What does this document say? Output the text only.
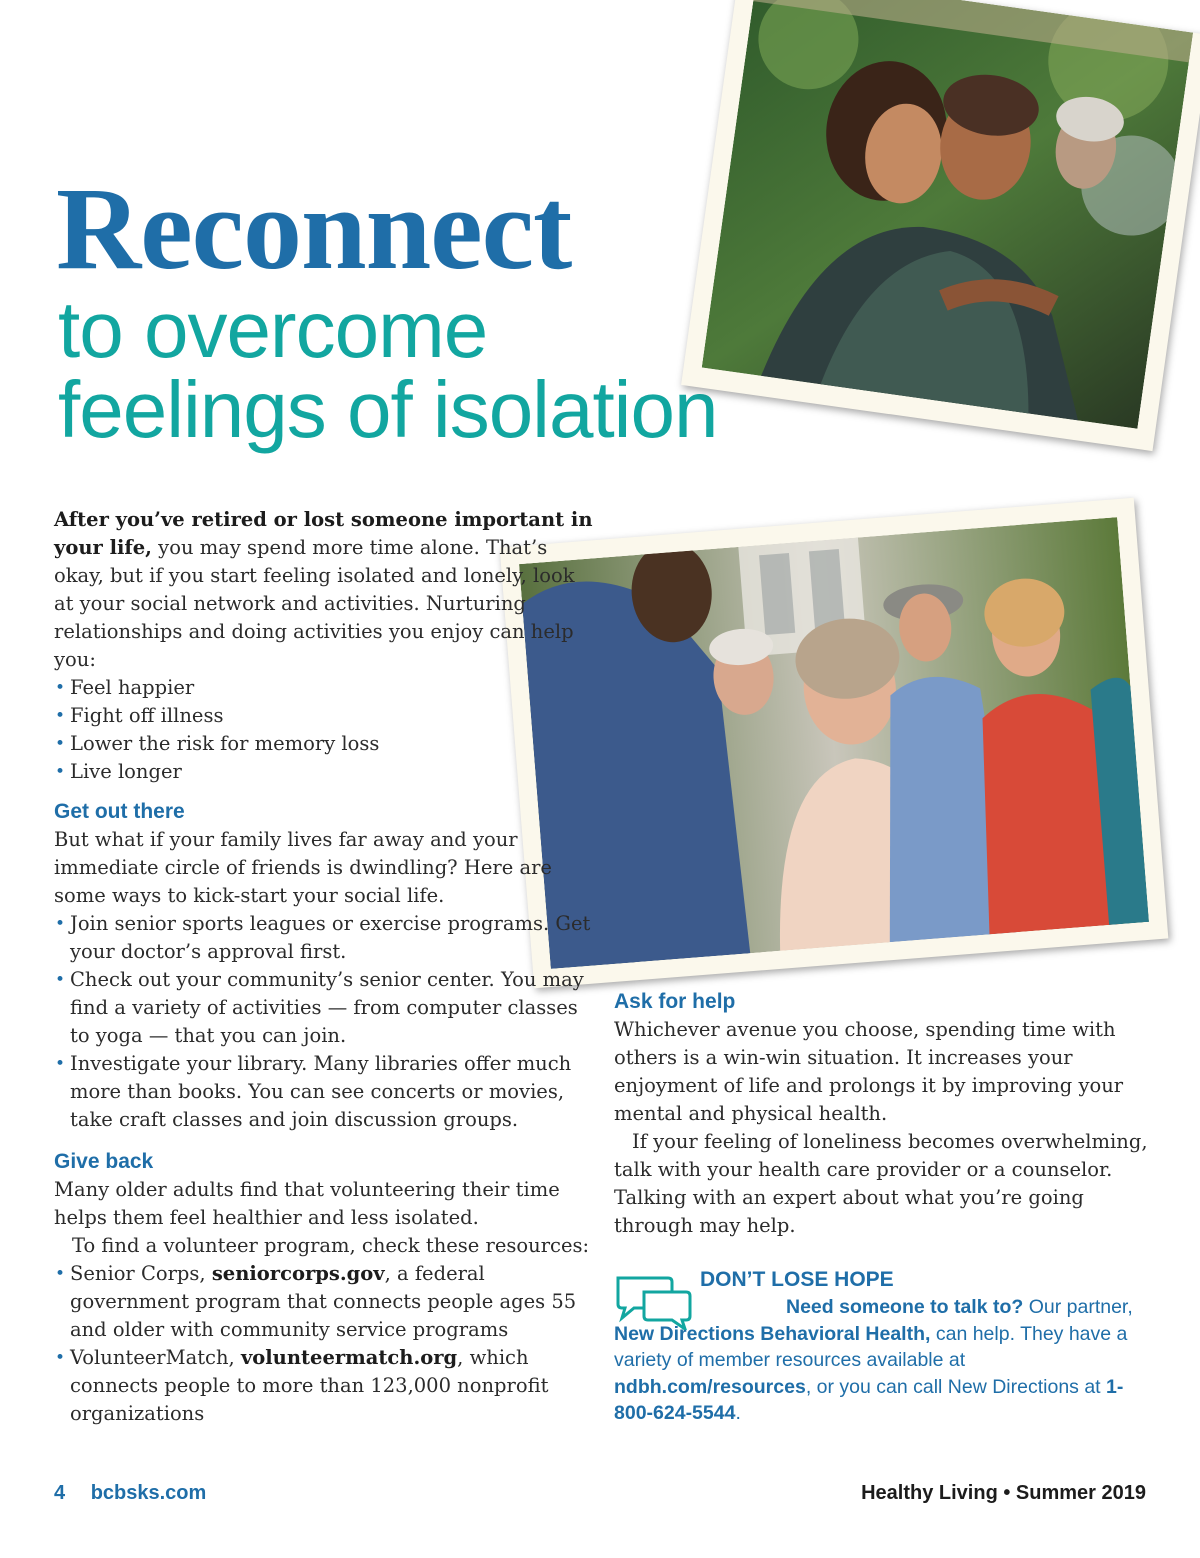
Reconnect
to overcome
feelings of isolation

After you’ve retired or lost someone important in your life, you may spend more time alone. That’s okay, but if you start feeling isolated and lonely, look at your social network and activities. Nurturing relationships and doing activities you enjoy can help you:

• Feel happier
• Fight off illness
• Lower the risk for memory loss
• Live longer
Get out there

But what if your family lives far away and your immediate circle of friends is dwindling? Here are some ways to kick-start your social life.

• Join senior sports leagues or exercise programs. Get your doctor’s approval first.
• Check out your community’s senior center. You may find a variety of activities — from computer classes to yoga — that you can join.
• Investigate your library. Many libraries offer much more than books. You can see concerts or movies, take craft classes and join discussion groups.
Give back

Many older adults find that volunteering their time helps them feel healthier and less isolated.

To find a volunteer program, check these resources:

• Senior Corps, seniorcorps.gov, a federal government program that connects people ages 55 and older with community service programs
• VolunteerMatch, volunteermatch.org, which connects people to more than 123,000 nonprofit organizations
Ask for help

Whichever avenue you choose, spending time with others is a win-win situation. It increases your enjoyment of life and prolongs it by improving your mental and physical health.

If your feeling of loneliness becomes overwhelming, talk with your health care provider or a counselor. Talking with an expert about what you’re going through may help.

DON’T LOSE HOPE

Need someone to talk to? Our partner, New Directions Behavioral Health, can help. They have a variety of member resources available at ndbh.com/resources, or you can call New Directions at 1-800-624-5544.

4 bcbsks.com	Healthy Living • Summer 2019
